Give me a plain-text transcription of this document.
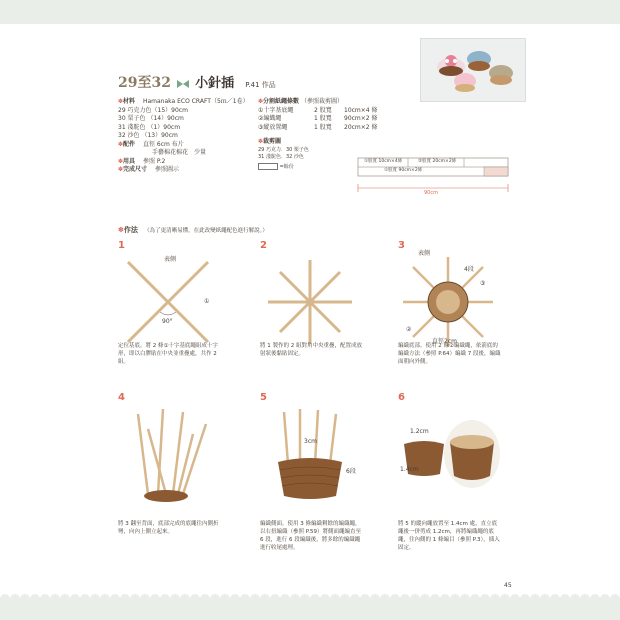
29至32 小針插 P.41 作品
✽材料 Hamanaka ECO CRAFT（5ｍ／1卷）
29 巧克力色（15）90cm
30 栗子色 （14）90cm
31 淺駝色 （1）90cm
32 沙色 （13）90cm
✽配件 直徑 6cm 布片
手藝棉花棉花　少量
✽用具 參照 P.2
✽完成尺寸 參照圖示
✽分割紙繩條數 （參照裁剪圖）
①十字基底繩	2 股寬 10cm×4 條
②編織繩	1 股寬 90cm×2 條
③縱放置繩	1 股寬 20cm×2 條
✽裁剪圖
29 巧克力．30 栗子色
31 淺駝色．32 沙色
=餘份
①股寬 10cm×4條	②股寬 20cm×2條
①股寬 90cm×2條
90cm
✽作法 （為了更清晰易懂，在此改變紙繩配色進行解說。）
1
表側
①
90°
定位基底。將 2 條①十字基底繩組成十字形，即以白膠貼在中央並重疊處，共作 2 組。
2
將 1 製作的 2 組對角中央重疊，配置成放射狀後黏貼固定。
3
表側
4段
③
②
直徑2cm
編織底部。使用 2 條②編織繩，依箭底的編織方法（參照 P.64）編織 7 段後，編織面朝向外側。
4
將 3 翻至背面，底部完成的底繩往內側折彎，向內上側立起來。
5
3cm
6段
編織側面。使用 3 條編織剩餘的編織繩，以右扭編織（參照 P.59）將側面繩編直至 6 段，進行 6 段編織後，將多餘的編織繩進行收尾處理。
6
1.2cm
1.4cm
將 5 的縱向繩放置至 1.4cm 處，直立底繩後一併剪成 1.2cm，再將編織繩的底繩，往內側的 1 條編目（參照 P.3），插入固定。
45
